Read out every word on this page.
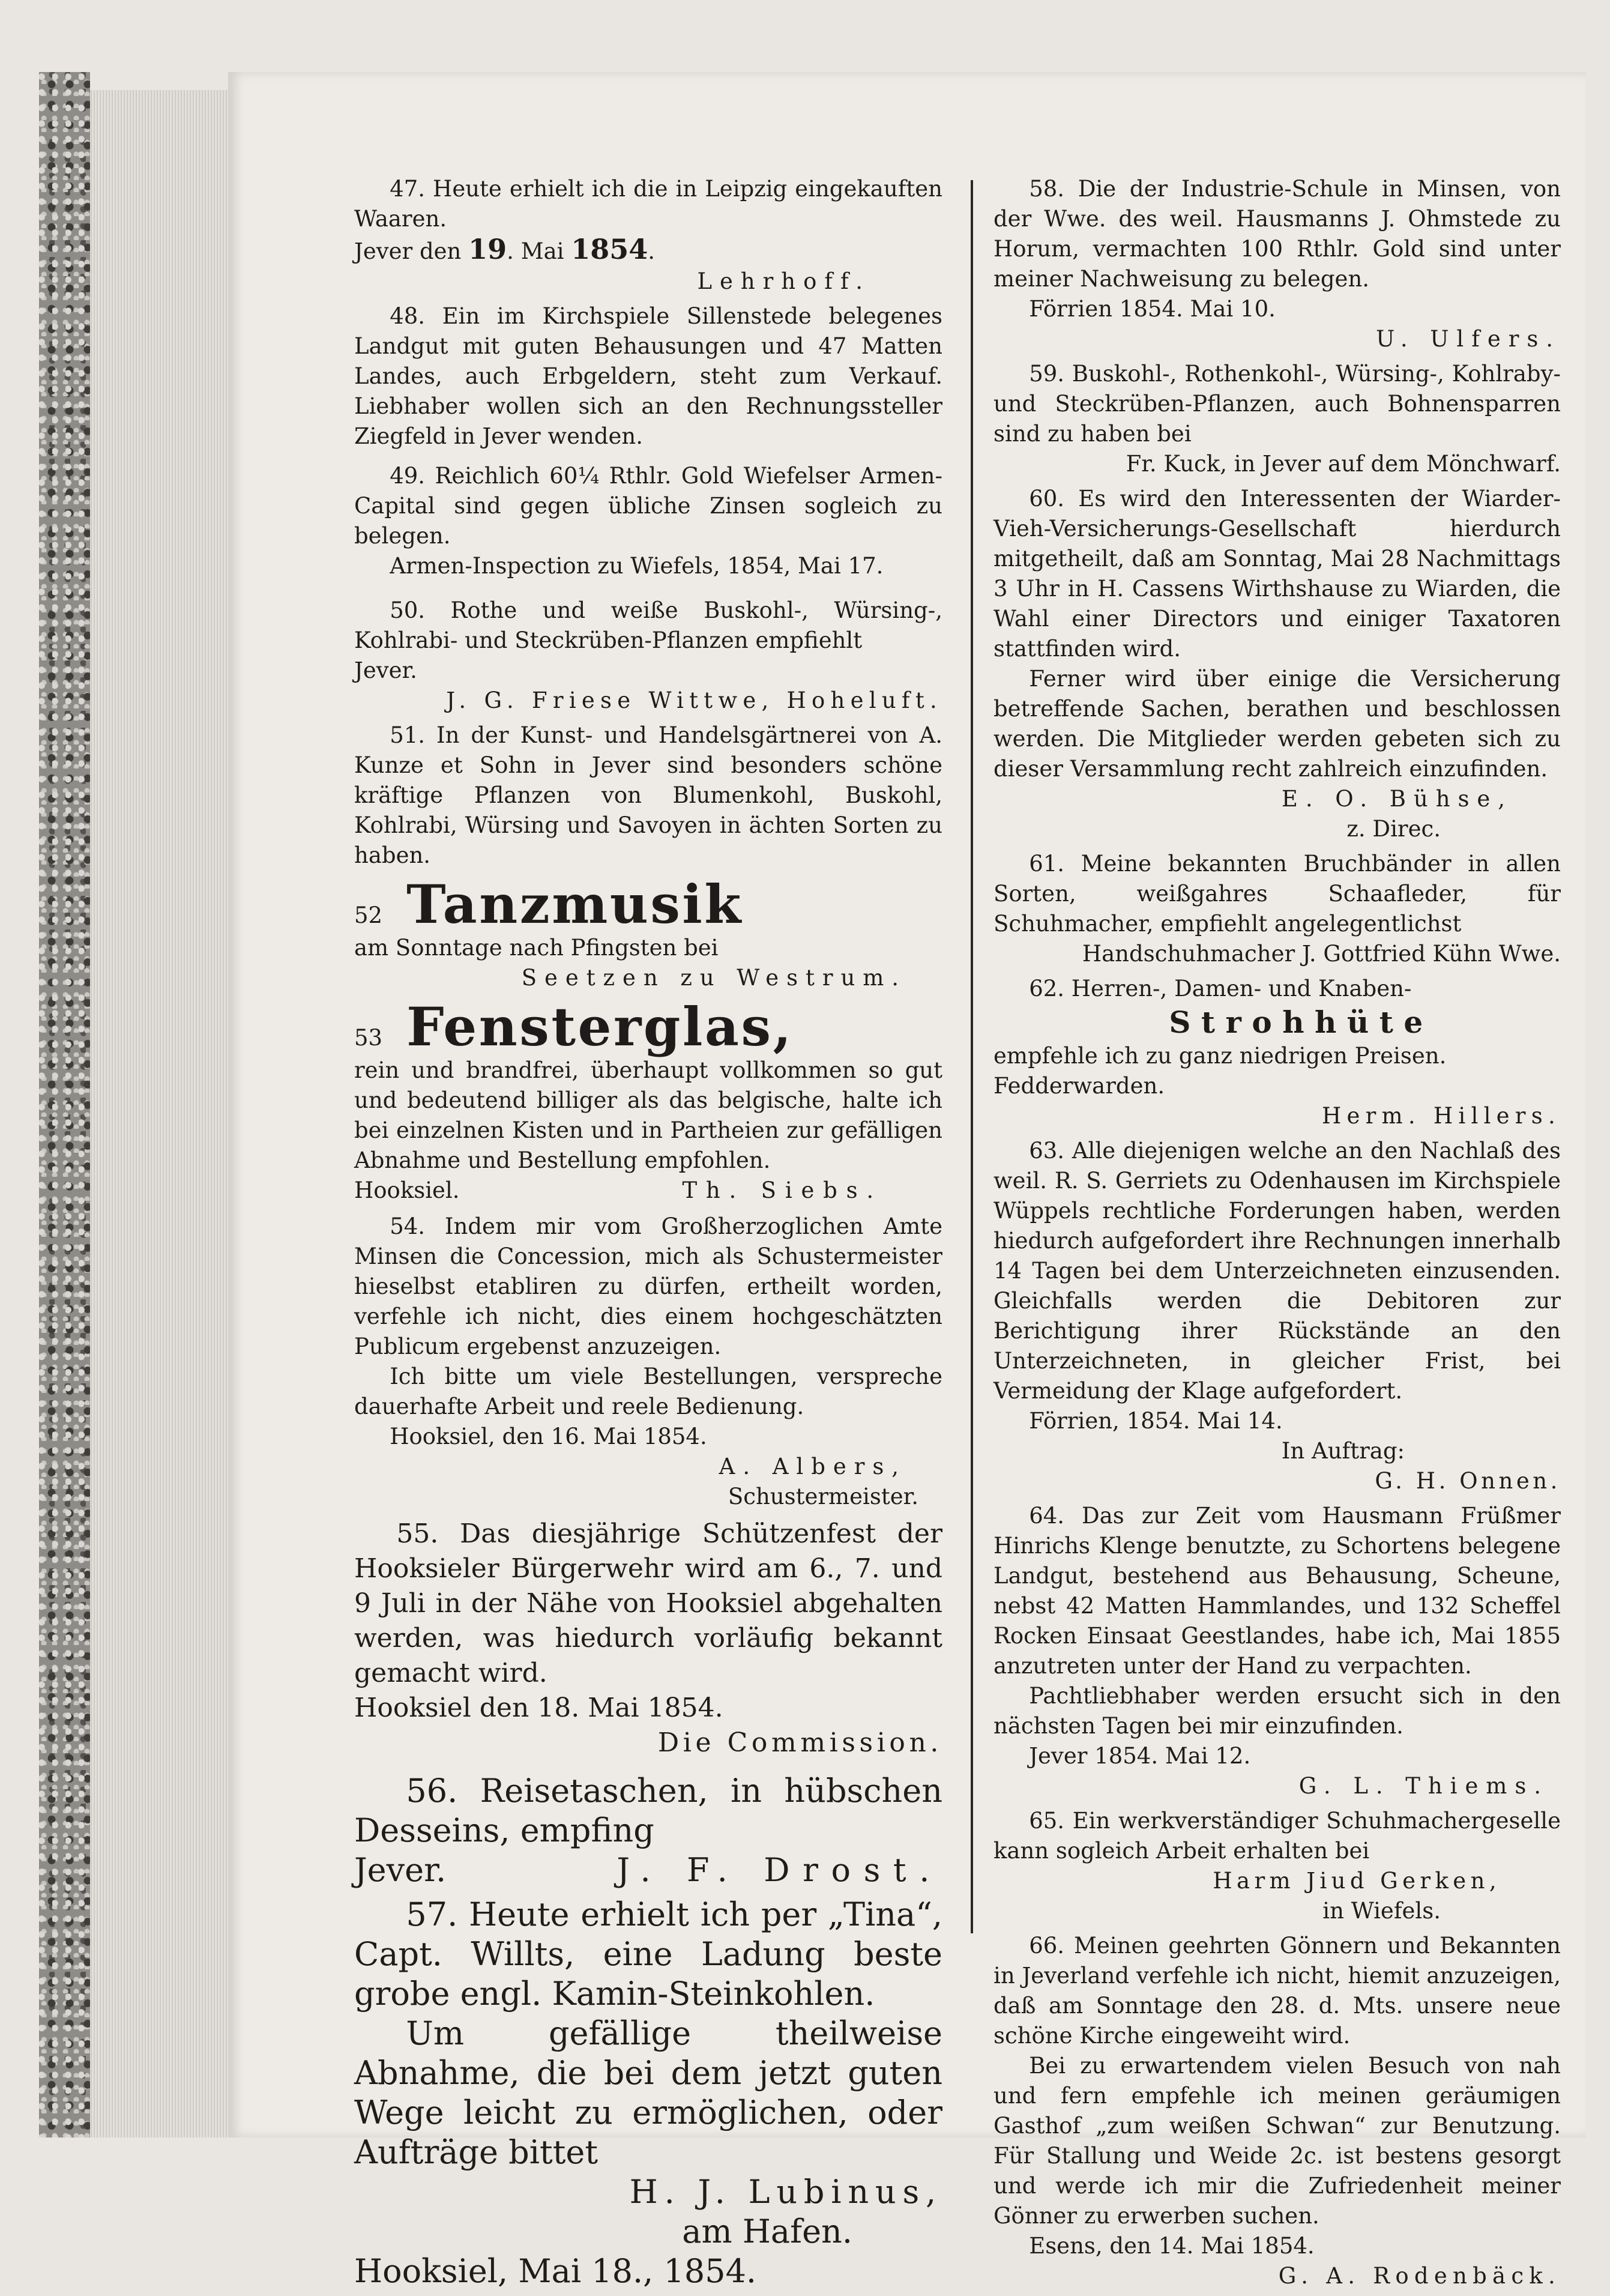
47. Heute erhielt ich die in Leipzig eingekauften Waaren.

Jever den 19. Mai 1854.

Lehrhoff.

48. Ein im Kirchspiele Sillenstede belegenes Landgut mit guten Behausungen und 47 Matten Landes, auch Erbgeldern, steht zum Verkauf. Liebhaber wollen sich an den Rechnungssteller Ziegfeld in Jever wenden.

49. Reichlich 60¼ Rthlr. Gold Wiefelser Armen-Capital sind gegen übliche Zinsen sogleich zu belegen.

Armen-Inspection zu Wiefels, 1854, Mai 17.

50. Rothe und weiße Buskohl-, Würsing-, Kohlrabi- und Steckrüben-Pflanzen empfiehlt

Jever.

J. G. Friese Wittwe, Hoheluft.

51. In der Kunst- und Handelsgärtnerei von A. Kunze et Sohn in Jever sind besonders schöne kräftige Pflanzen von Blumenkohl, Buskohl, Kohlrabi, Würsing und Savoyen in ächten Sorten zu haben.

52 Tanzmusik

am Sonntage nach Pfingsten bei

Seetzen zu Westrum.

53 Fensterglas,

rein und brandfrei, überhaupt vollkommen so gut und bedeutend billiger als das belgische, halte ich bei einzelnen Kisten und in Partheien zur gefälligen Abnahme und Bestellung empfohlen.

Hooksiel.	Th. Siebs.

54. Indem mir vom Großherzoglichen Amte Minsen die Concession, mich als Schustermeister hieselbst etabliren zu dürfen, ertheilt worden, verfehle ich nicht, dies einem hochgeschätzten Publicum ergebenst anzuzeigen.

Ich bitte um viele Bestellungen, verspreche dauerhafte Arbeit und reele Bedienung.

Hooksiel, den 16. Mai 1854.

A. Albers,

Schustermeister.

55. Das diesjährige Schützenfest der Hooksieler Bürgerwehr wird am 6., 7. und 9 Juli in der Nähe von Hooksiel abgehalten werden, was hiedurch vorläufig bekannt gemacht wird.

Hooksiel den 18. Mai 1854.

Die Commission.

56. Reisetaschen, in hübschen Desseins, empfing

Jever.	J. F. Drost.

57. Heute erhielt ich per „Tina“, Capt. Willts, eine Ladung beste grobe engl. Kamin-Steinkohlen.

Um gefällige theilweise Abnahme, die bei dem jetzt guten Wege leicht zu ermöglichen, oder Aufträge bittet

H. J. Lubinus,

am Hafen.

Hooksiel, Mai 18., 1854.

58. Die der Industrie-Schule in Minsen, von der Wwe. des weil. Hausmanns J. Ohmstede zu Horum, vermachten 100 Rthlr. Gold sind unter meiner Nachweisung zu belegen.

Förrien 1854. Mai 10.

U. Ulfers.

59. Buskohl-, Rothenkohl-, Würsing-, Kohlraby- und Steckrüben-Pflanzen, auch Bohnensparren sind zu haben bei

Fr. Kuck, in Jever auf dem Mönchwarf.

60. Es wird den Interessenten der Wiarder-Vieh-Versicherungs-Gesellschaft hierdurch mitgetheilt, daß am Sonntag, Mai 28 Nachmittags 3 Uhr in H. Cassens Wirthshause zu Wiarden, die Wahl einer Directors und einiger Taxatoren stattfinden wird.

Ferner wird über einige die Versicherung betreffende Sachen, berathen und beschlossen werden. Die Mitglieder werden gebeten sich zu dieser Versammlung recht zahlreich einzufinden.

E. O. Bühse,

z. Direc.

61. Meine bekannten Bruchbänder in allen Sorten, weißgahres Schaafleder, für Schuhmacher, empfiehlt angelegentlichst

Handschuhmacher J. Gottfried Kühn Wwe.

62. Herren-, Damen- und Knaben-

Strohhüte

empfehle ich zu ganz niedrigen Preisen.

Fedderwarden.

Herm. Hillers.

63. Alle diejenigen welche an den Nachlaß des weil. R. S. Gerriets zu Odenhausen im Kirchspiele Wüppels rechtliche Forderungen haben, werden hiedurch aufgefordert ihre Rechnungen innerhalb 14 Tagen bei dem Unterzeichneten einzusenden. Gleichfalls werden die Debitoren zur Berichtigung ihrer Rückstände an den Unterzeichneten, in gleicher Frist, bei Vermeidung der Klage aufgefordert.

Förrien, 1854. Mai 14.

In Auftrag:

G. H. Onnen.

64. Das zur Zeit vom Hausmann Früßmer Hinrichs Klenge benutzte, zu Schortens belegene Landgut, bestehend aus Behausung, Scheune, nebst 42 Matten Hammlandes, und 132 Scheffel Rocken Einsaat Geestlandes, habe ich, Mai 1855 anzutreten unter der Hand zu verpachten.

Pachtliebhaber werden ersucht sich in den nächsten Tagen bei mir einzufinden.

Jever 1854. Mai 12.

G. L. Thiems.

65. Ein werkverständiger Schuhmachergeselle kann sogleich Arbeit erhalten bei

Harm Jiud Gerken,

in Wiefels.

66. Meinen geehrten Gönnern und Bekannten in Jeverland verfehle ich nicht, hiemit anzuzeigen, daß am Sonntage den 28. d. Mts. unsere neue schöne Kirche eingeweiht wird.

Bei zu erwartendem vielen Besuch von nah und fern empfehle ich meinen geräumigen Gasthof „zum weißen Schwan“ zur Benutzung. Für Stallung und Weide 2c. ist bestens gesorgt und werde ich mir die Zufriedenheit meiner Gönner zu erwerben suchen.

Esens, den 14. Mai 1854.

G. A. Rodenbäck.
